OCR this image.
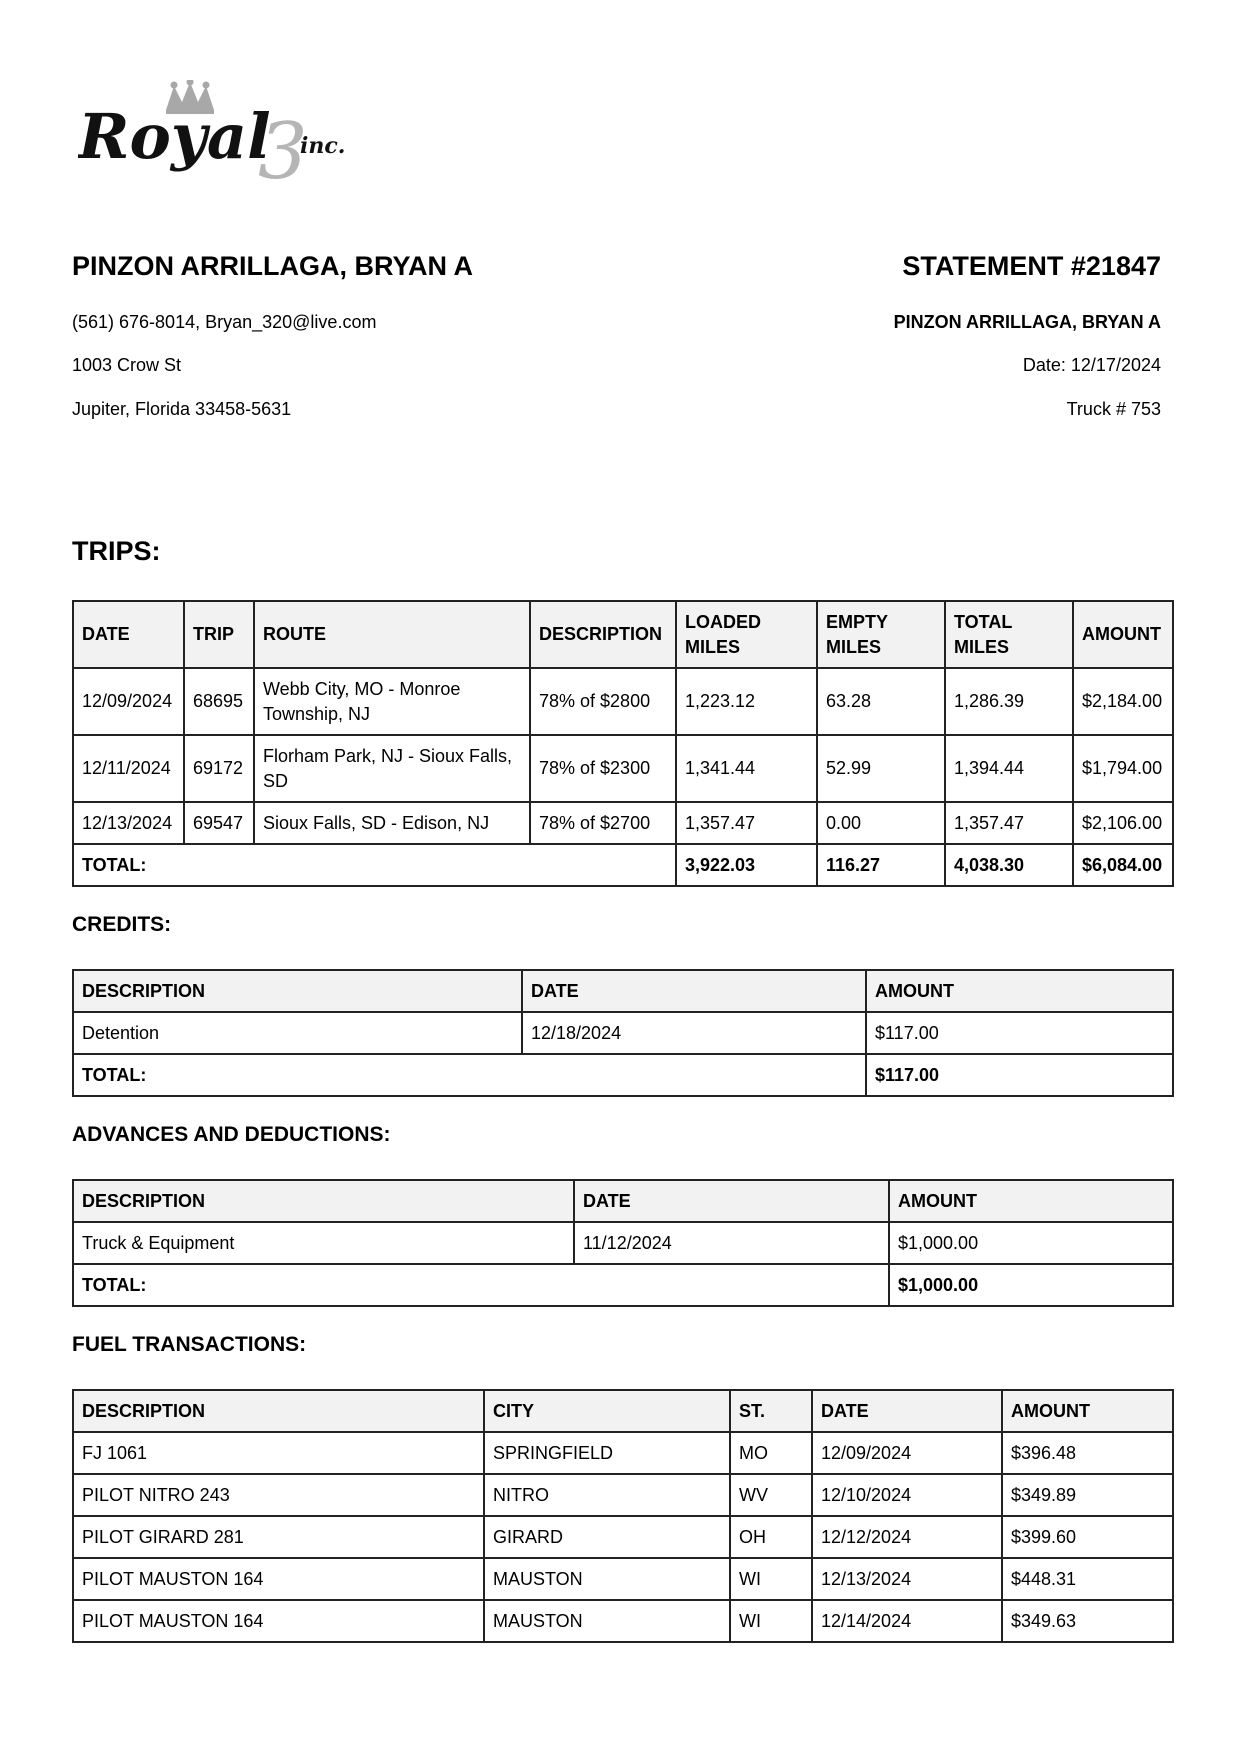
Royal
3
inc.
PINZON ARRILLAGA, BRYAN A
(561) 676-8014, Bryan_320@live.com
1003 Crow St
Jupiter, Florida 33458-5631
STATEMENT #21847
PINZON ARRILLAGA, BRYAN A
Date: 12/17/2024
Truck # 753
TRIPS:
DATE	TRIP	ROUTE	DESCRIPTION	LOADED MILES	EMPTY MILES	TOTAL MILES	AMOUNT
12/09/2024	68695	Webb City, MO - Monroe Township, NJ	78% of $2800	1,223.12	63.28	1,286.39	$2,184.00
12/11/2024	69172	Florham Park, NJ - Sioux Falls, SD	78% of $2300	1,341.44	52.99	1,394.44	$1,794.00
12/13/2024	69547	Sioux Falls, SD - Edison, NJ	78% of $2700	1,357.47	0.00	1,357.47	$2,106.00
TOTAL:				3,922.03	116.27	4,038.30	$6,084.00
CREDITS:
DESCRIPTION	DATE	AMOUNT
Detention	12/18/2024	$117.00
TOTAL:		$117.00
ADVANCES AND DEDUCTIONS:
DESCRIPTION	DATE	AMOUNT
Truck & Equipment	11/12/2024	$1,000.00
TOTAL:		$1,000.00
FUEL TRANSACTIONS:
DESCRIPTION	CITY	ST.	DATE	AMOUNT
FJ 1061	SPRINGFIELD	MO	12/09/2024	$396.48
PILOT NITRO 243	NITRO	WV	12/10/2024	$349.89
PILOT GIRARD 281	GIRARD	OH	12/12/2024	$399.60
PILOT MAUSTON 164	MAUSTON	WI	12/13/2024	$448.31
PILOT MAUSTON 164	MAUSTON	WI	12/14/2024	$349.63
